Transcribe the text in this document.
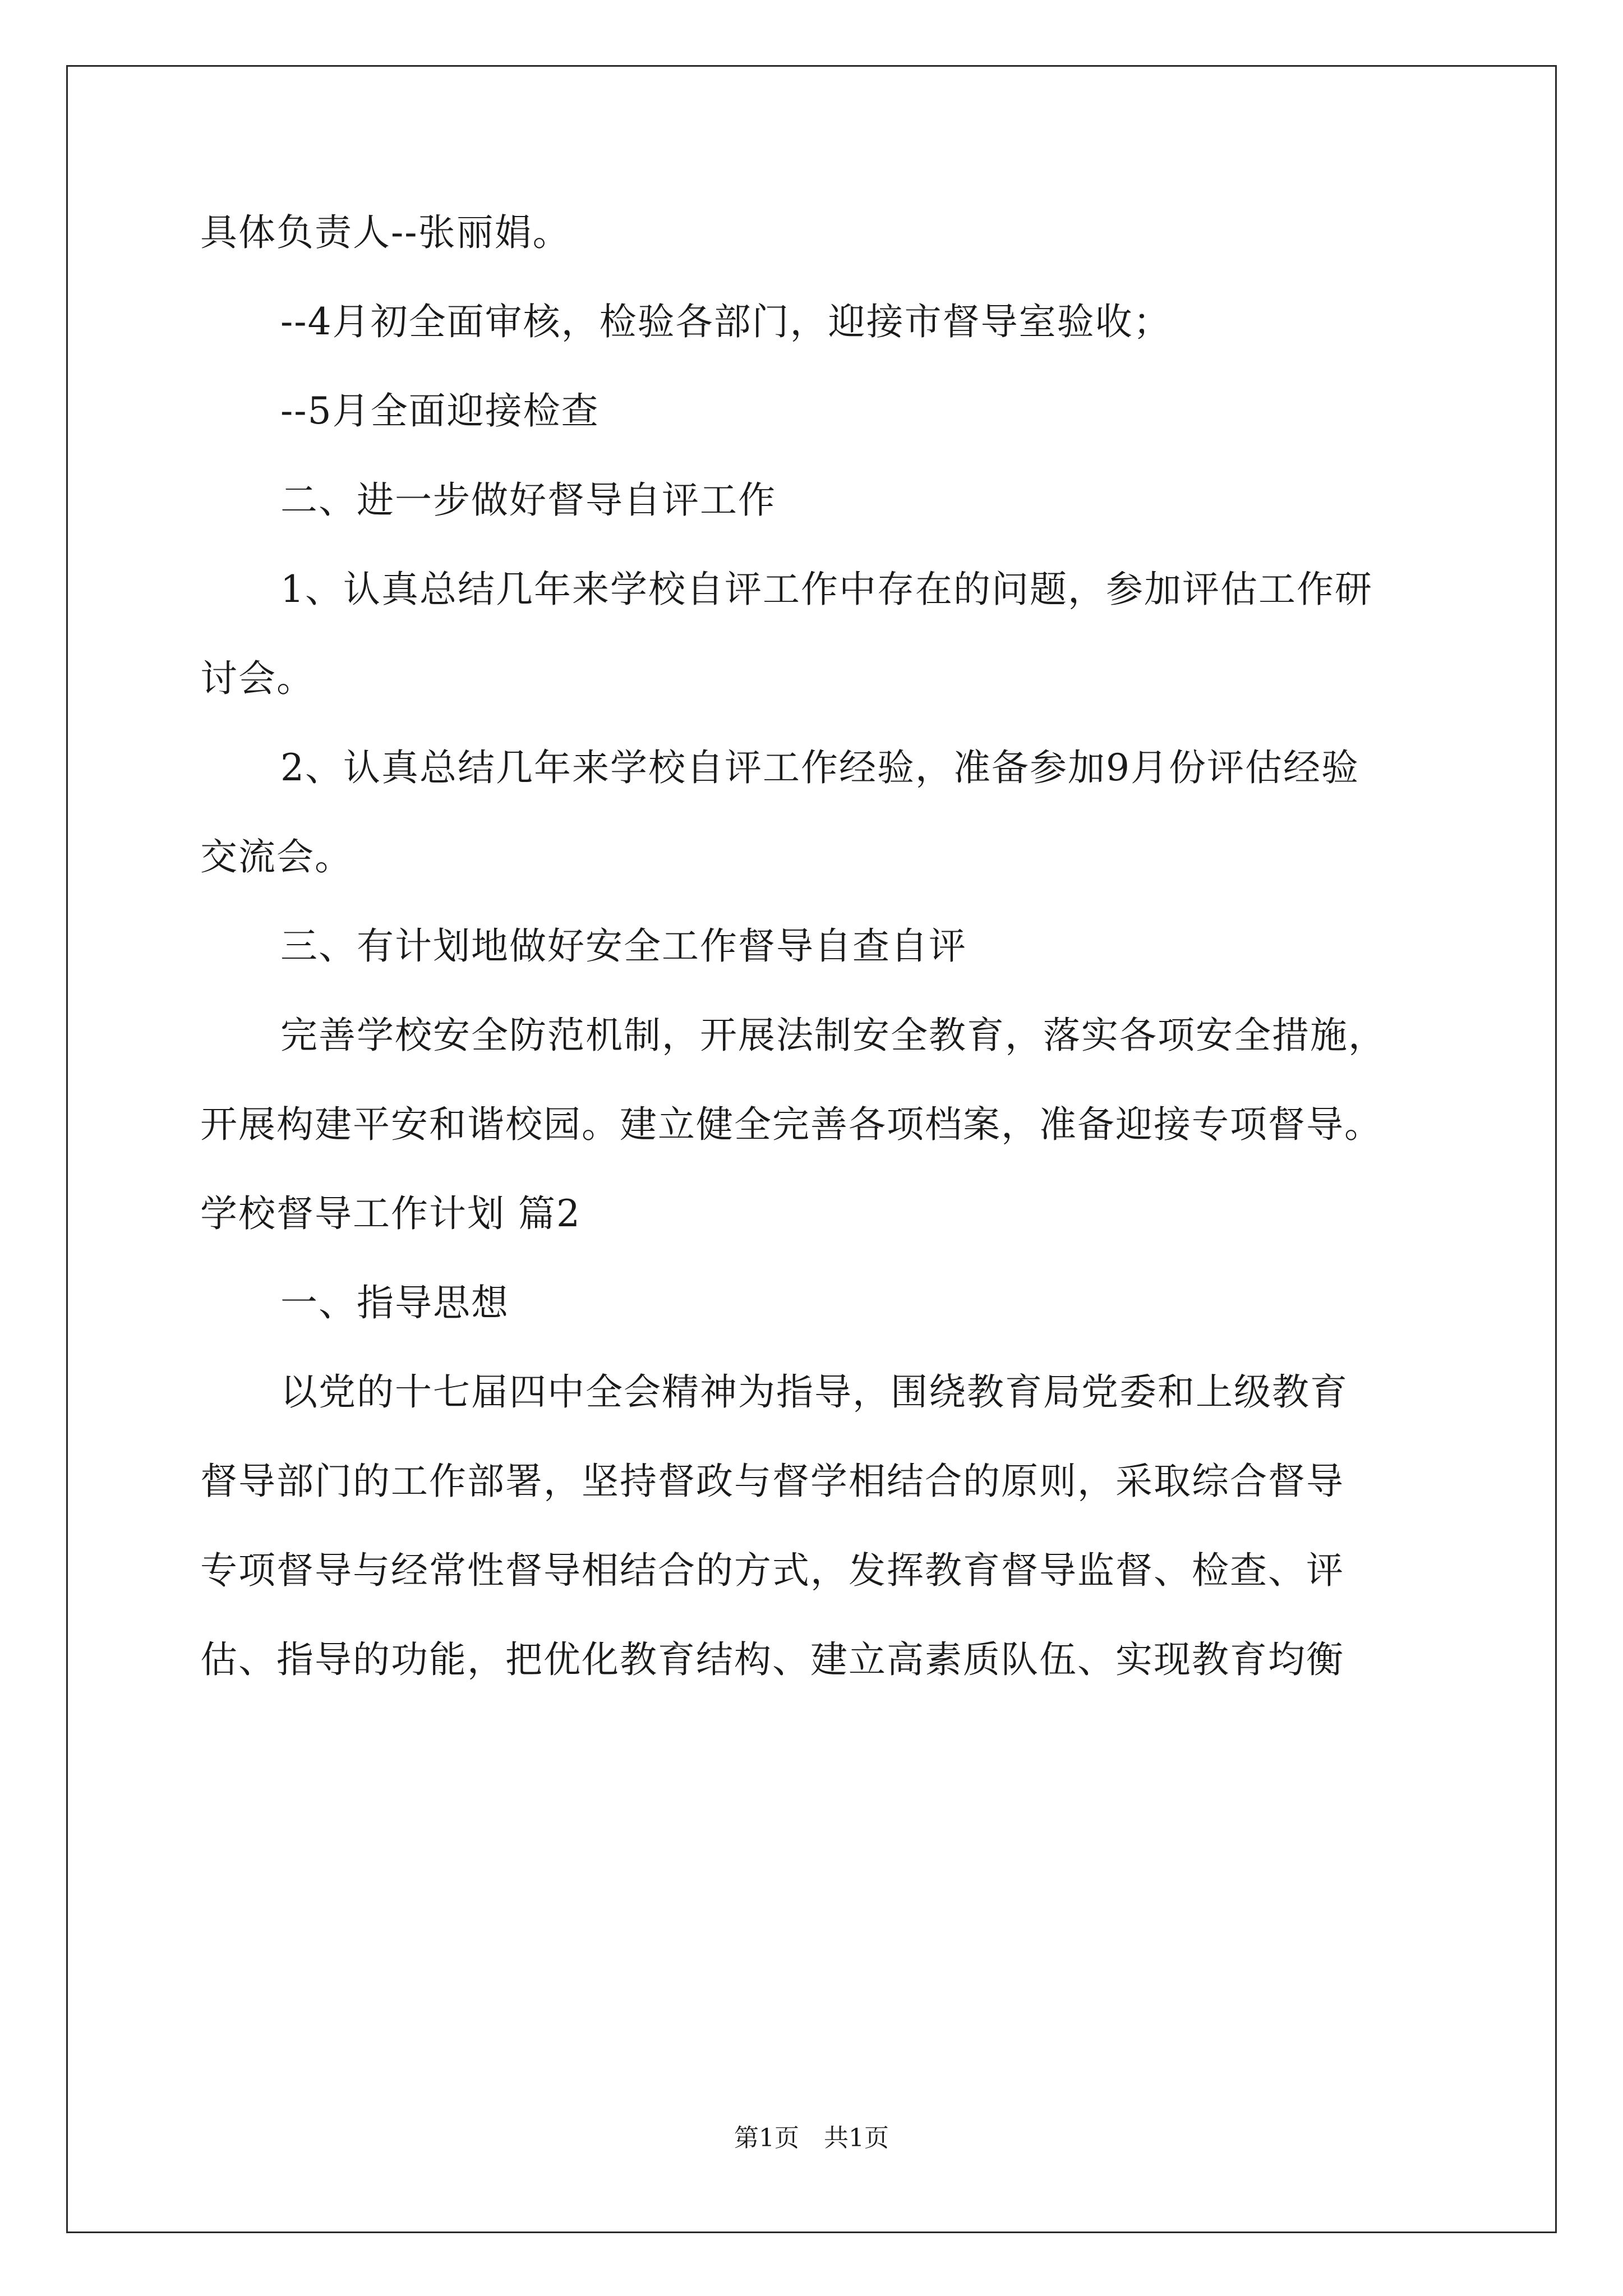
具体负责人--张丽娟。
--4月初全面审核，检验各部门，迎接市督导室验收；
--5月全面迎接检查
二、进一步做好督导自评工作
1、认真总结几年来学校自评工作中存在的问题，参加评估工作研
讨会。
2、认真总结几年来学校自评工作经验，准备参加9月份评估经验
交流会。
三、有计划地做好安全工作督导自查自评
完善学校安全防范机制，开展法制安全教育，落实各项安全措施，
开展构建平安和谐校园。建立健全完善各项档案，准备迎接专项督导。
学校督导工作计划 篇2
一、指导思想
以党的十七届四中全会精神为指导，围绕教育局党委和上级教育
督导部门的工作部署，坚持督政与督学相结合的原则，采取综合督导
专项督导与经常性督导相结合的方式，发挥教育督导监督、检查、评
估、指导的功能，把优化教育结构、建立高素质队伍、实现教育均衡
第1页 共1页
